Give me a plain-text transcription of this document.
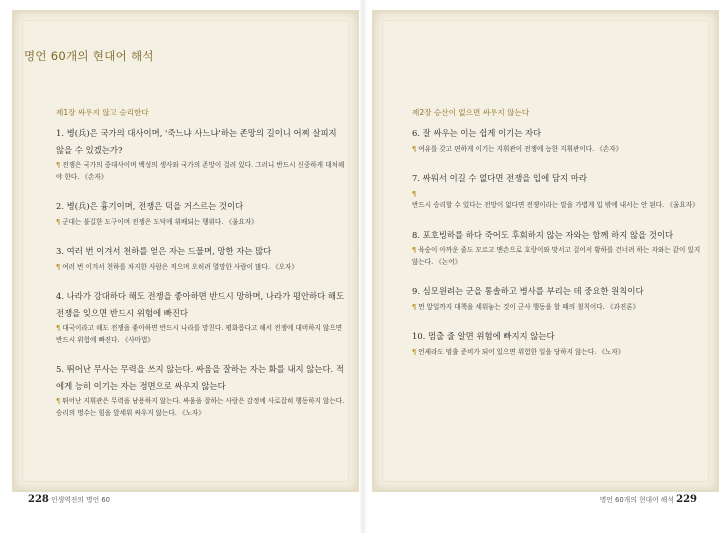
명언 60개의 현대어 해석

제1장 싸우지 않고 승리한다

1. 병(兵)은 국가의 대사이며, '죽느냐 사느냐'하는 존망의 길이니 어찌 살피지 않을 수 있겠는가?

¶ 전쟁은 국가의 중대사이며 백성의 생사와 국가의 존망이 걸려 있다. 그러니 반드시 신중하게 대처해야 한다. 《손자》

2. 병(兵)은 흉기이며, 전쟁은 덕을 거스르는 것이다

¶ 군대는 불길한 도구이며 전쟁은 도덕에 위배되는 행위다. 《울요자》

3. 여러 번 이겨서 천하를 얻은 자는 드물며, 망한 자는 많다

¶ 여러 번 이겨서 천하를 차지한 사람은 적으며 오히려 멸망한 사람이 많다. 《오자》

4. 나라가 강대하다 해도 전쟁을 좋아하면 반드시 망하며, 나라가 평안하다 해도 전쟁을 잊으면 반드시 위험에 빠진다

¶ 대국이라고 해도 전쟁을 좋아하면 반드시 나라를 망친다. 평화롭다고 해서 전쟁에 대비하지 않으면 반드시 위험에 빠진다. 《사마법》

5. 뛰어난 무사는 무력을 쓰지 않는다. 싸움을 잘하는 자는 화를 내지 않는다. 적에게 능히 이기는 자는 정면으로 싸우지 않는다

¶ 뛰어난 지휘관은 무력을 남용하지 않는다. 싸움을 잘하는 사람은 감정에 사로잡혀 행동하지 않는다. 승리의 명수는 힘을 앞세워 싸우지 않는다. 《노자》

제2장 승산이 없으면 싸우지 않는다

6. 잘 싸우는 이는 쉽게 이기는 자다

¶ 여유를 갖고 편하게 이기는 지휘관이 전쟁에 능한 지휘관이다. 《손자》

7. 싸워서 이길 수 없다면 전쟁을 입에 담지 마라

¶반드시 승리할 수 있다는 전망이 없다면 전쟁이라는 말을 가볍게 입 밖에 내서는 안 된다. 《울요자》

8. 포호빙하를 하다 죽어도 후회하지 않는 자와는 함께 하지 않을 것이다

¶ 육숭이 아까운 줄도 모르고 맨손으로 호랑이와 맞서고 걸어서 황하를 건너려 하는 자와는 같이 있지 않는다. 《논어》

9. 심모원려는 군을 통솔하고 병사를 부리는 데 중요한 원칙이다

¶ 먼 앞일까지 대책을 세워놓는 것이 군사 행동을 할 때의 철칙이다. 《과진론》

10. 멈출 줄 알면 위험에 빠지지 않는다

¶ 언제라도 멈출 준비가 되어 있으면 위험한 일을 당하지 않는다. 《노자》

228 인생역전의 명언 60	명언 60개의 현대어 해석 229
